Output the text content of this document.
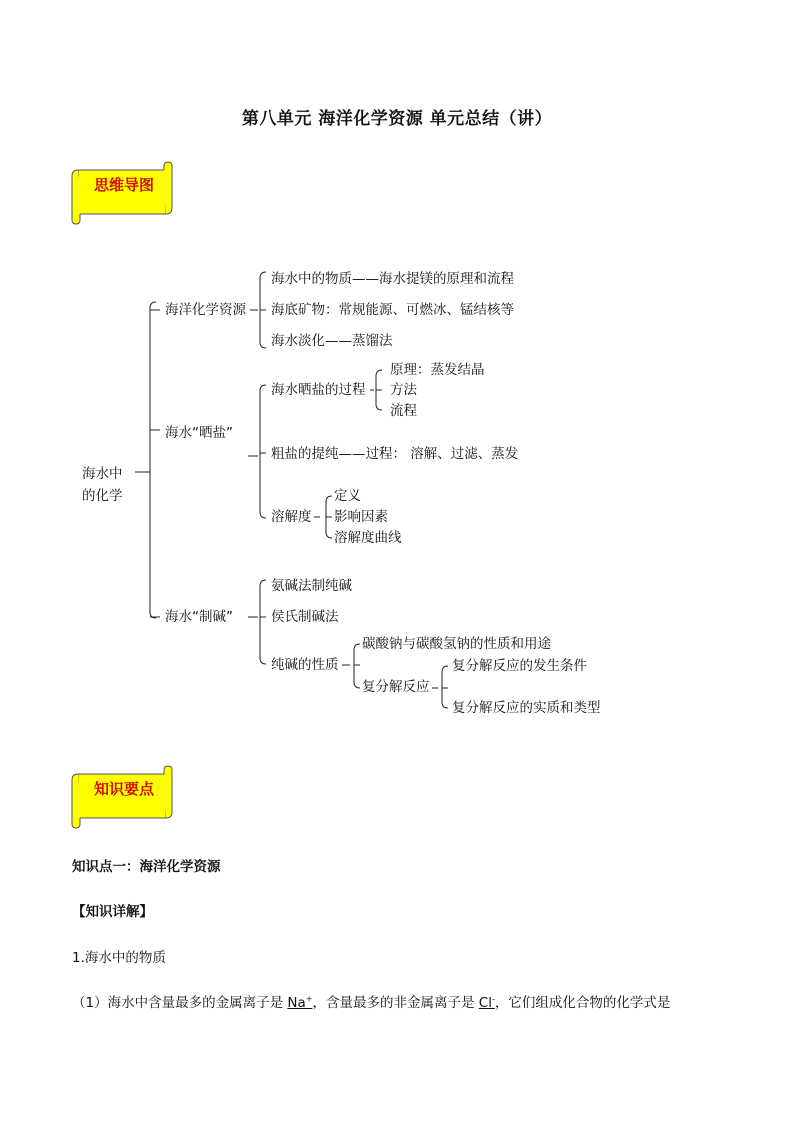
第八单元 海洋化学资源 单元总结（讲）
思维导图
海水中
的化学
海洋化学资源
海水中的物质——海水提镁的原理和流程
海底矿物：常规能源、可燃冰、锰结核等
海水淡化——蒸馏法
海水“晒盐”
海水晒盐的过程
原理：蒸发结晶
方法
流程
粗盐的提纯——过程： 溶解、过滤、蒸发
溶解度
定义
影响因素
溶解度曲线
海水“制碱”
氨碱法制纯碱
侯氏制碱法
纯碱的性质
碳酸钠与碳酸氢钠的性质和用途
复分解反应
复分解反应的发生条件
复分解反应的实质和类型
知识要点
知识点一：海洋化学资源
【知识详解】
1.海水中的物质
（1）海水中含量最多的金属离子是 Na+，含量最多的非金属离子是 Cl-，它们组成化合物的化学式是
